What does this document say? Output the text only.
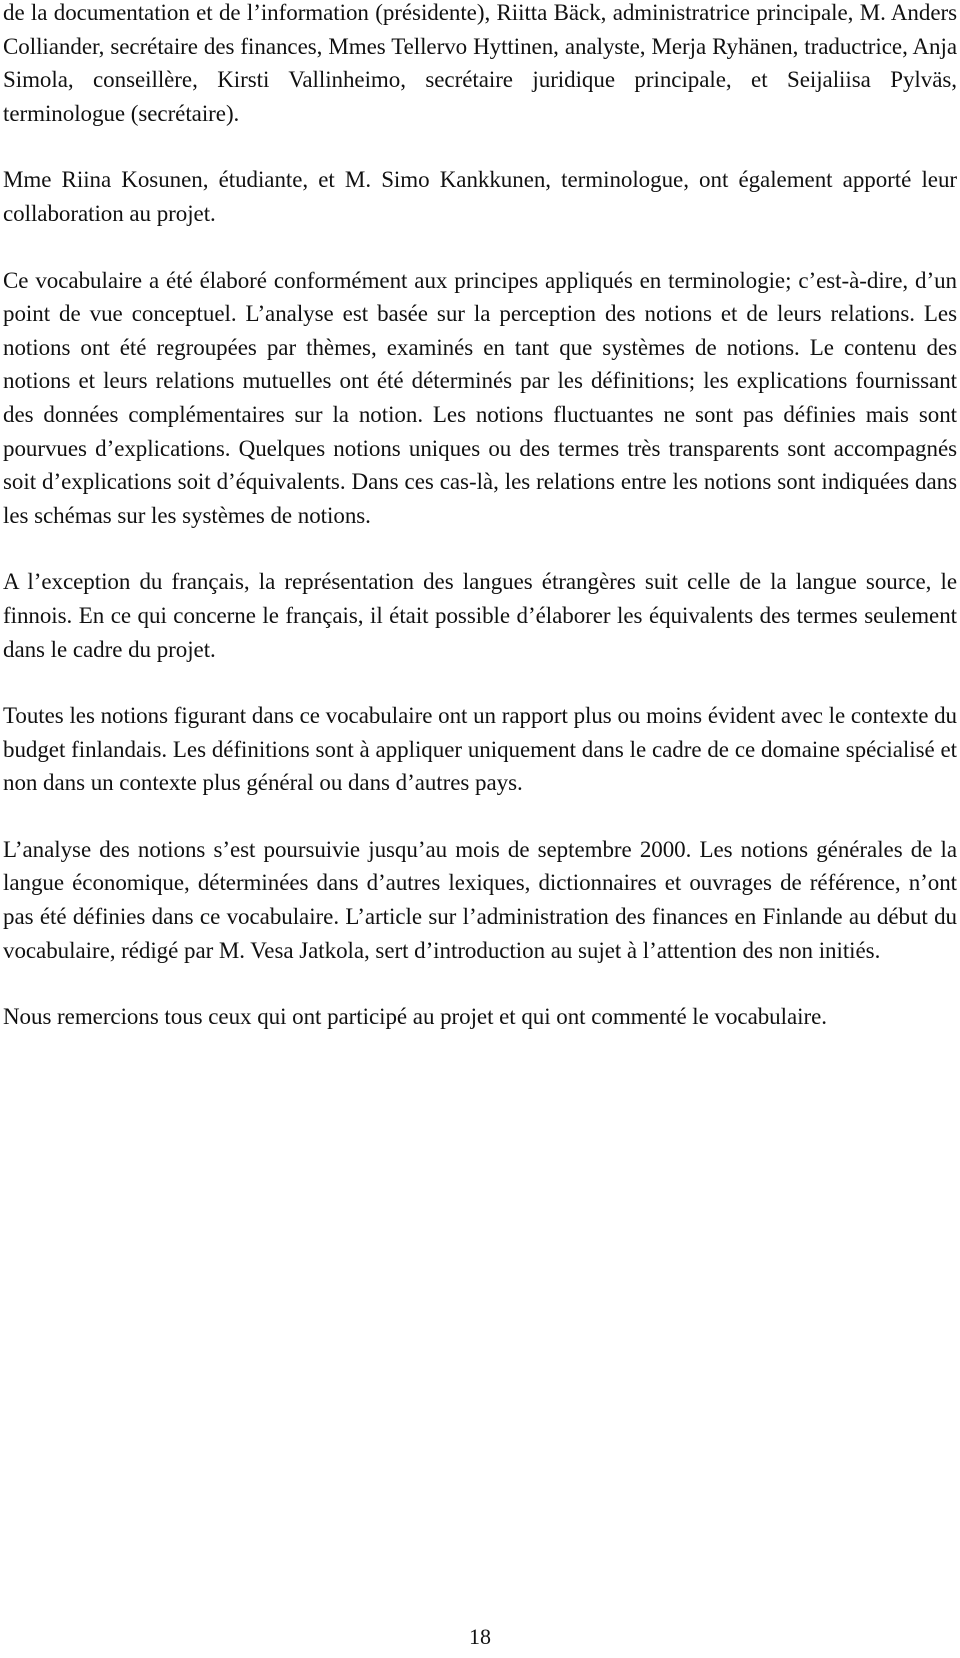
de la documentation et de l’information (présidente), Riitta Bäck, administratrice principale, M. Anders Colliander, secrétaire des finances, Mmes Tellervo Hyttinen, analyste, Merja Ryhänen, traductrice, Anja Simola, conseillère, Kirsti Vallinheimo, secrétaire juridique principale, et Seijaliisa Pylväs, terminologue (secrétaire).

Mme Riina Kosunen, étudiante, et M. Simo Kankkunen, terminologue, ont également apporté leur collaboration au projet.

Ce vocabulaire a été élaboré conformément aux principes appliqués en terminologie; c’est-à-dire, d’un point de vue conceptuel. L’analyse est basée sur la perception des notions et de leurs relations. Les notions ont été regroupées par thèmes, examinés en tant que systèmes de notions. Le contenu des notions et leurs relations mutuelles ont été déterminés par les définitions; les explications fournissant des données complémentaires sur la notion. Les notions fluctuantes ne sont pas définies mais sont pourvues d’explications. Quelques notions uniques ou des termes très transparents sont accompagnés soit d’explications soit d’équivalents. Dans ces cas-là, les relations entre les notions sont indiquées dans les schémas sur les systèmes de notions.

A l’exception du français, la représentation des langues étrangères suit celle de la langue source, le finnois. En ce qui concerne le français, il était possible d’élaborer les équivalents des termes seulement dans le cadre du projet.

Toutes les notions figurant dans ce vocabulaire ont un rapport plus ou moins évident avec le contexte du budget finlandais. Les définitions sont à appliquer uniquement dans le cadre de ce domaine spécialisé et non dans un contexte plus général ou dans d’autres pays.

L’analyse des notions s’est poursuivie jusqu’au mois de septembre 2000. Les notions générales de la langue économique, déterminées dans d’autres lexiques, dictionnaires et ouvrages de référence, n’ont pas été définies dans ce vocabulaire. L’article sur l’administration des finances en Finlande au début du vocabulaire, rédigé par M. Vesa Jatkola, sert d’introduction au sujet à l’attention des non initiés.

Nous remercions tous ceux qui ont participé au projet et qui ont commenté le vocabulaire.

18
